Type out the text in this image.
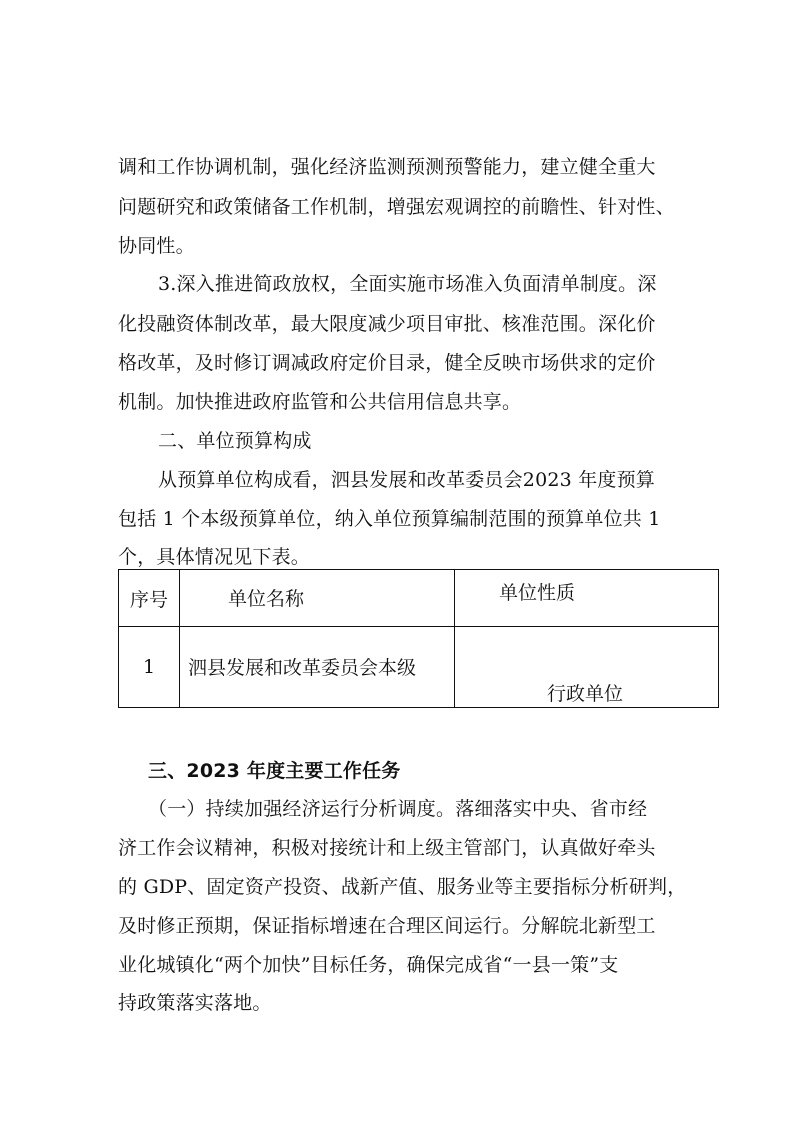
调和工作协调机制，强化经济监测预测预警能力，建立健全重大
问题研究和政策储备工作机制，增强宏观调控的前瞻性、针对性、
协同性。
3.深入推进简政放权，全面实施市场准入负面清单制度。深
化投融资体制改革，最大限度减少项目审批、核准范围。深化价
格改革，及时修订调减政府定价目录，健全反映市场供求的定价
机制。加快推进政府监管和公共信用信息共享。
二、单位预算构成
从预算单位构成看，泗县发展和改革委员会2023 年度预算
包括 1 个本级预算单位，纳入单位预算编制范围的预算单位共 1
个，具体情况见下表。
序号	单位名称	单位性质

1	泗县发展和改革委员会本级	行政单位
三、2023 年度主要工作任务
（一）持续加强经济运行分析调度。落细落实中央、省市经
济工作会议精神，积极对接统计和上级主管部门，认真做好牵头
的 GDP、固定资产投资、战新产值、服务业等主要指标分析研判，
及时修正预期，保证指标增速在合理区间运行。分解皖北新型工
业化城镇化“两个加快”目标任务，确保完成省“一县一策”支
持政策落实落地。
